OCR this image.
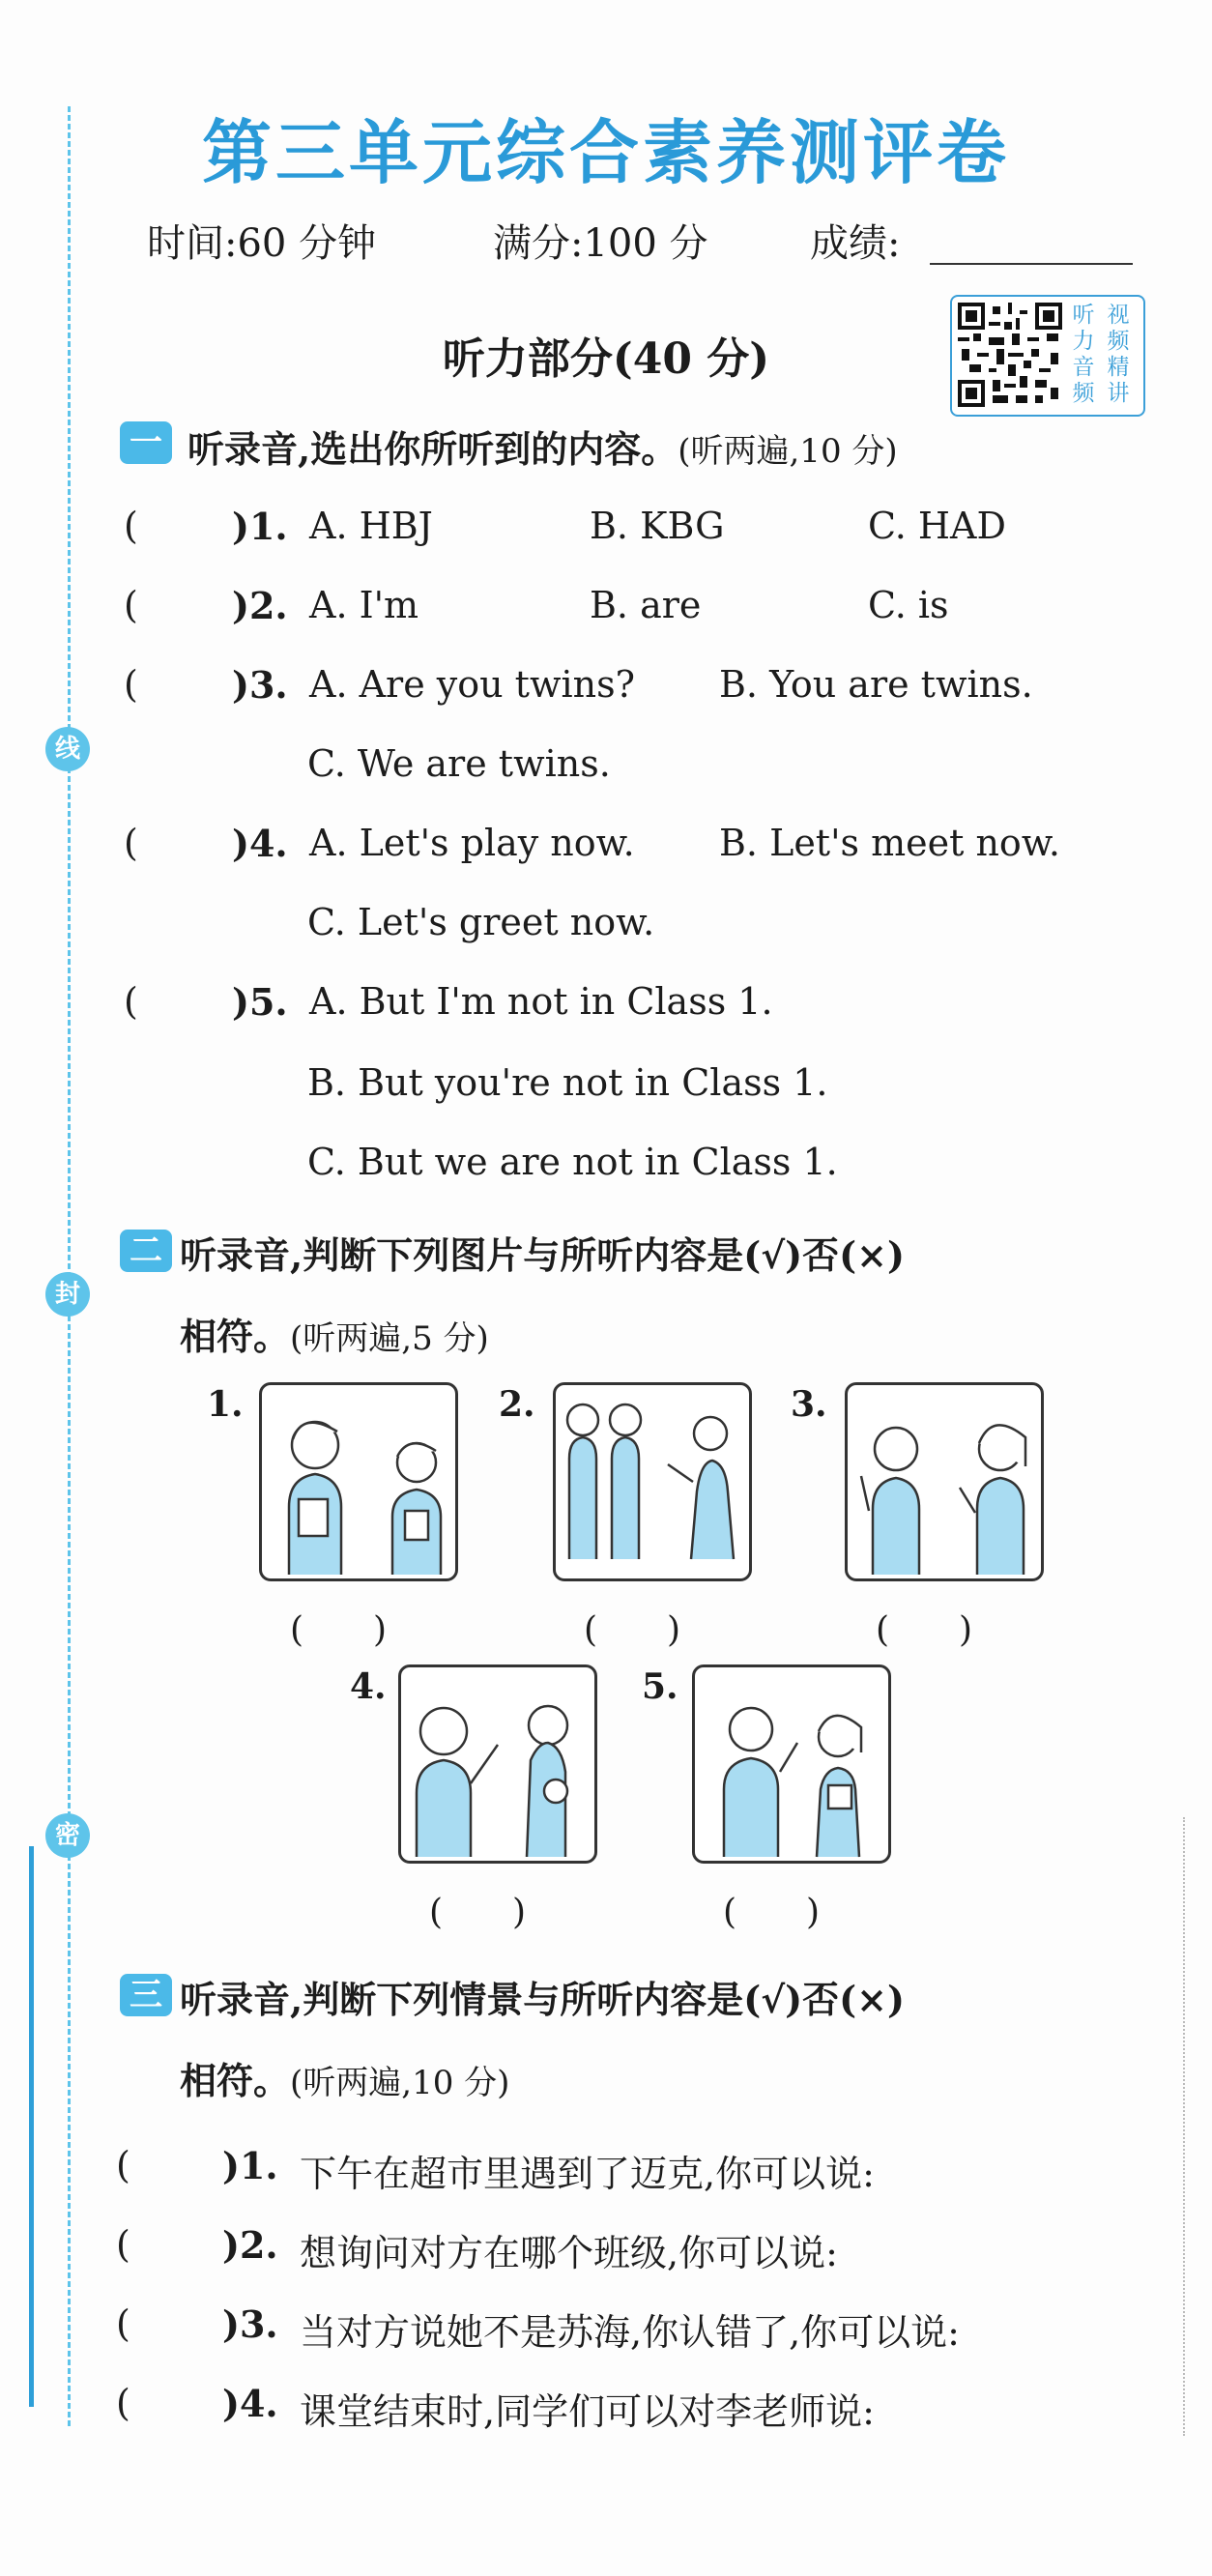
线
封
密
第三单元综合素养测评卷
时间:60 分钟	满分:100 分	成绩:
听力部分(40 分)
听
力
音
频
视
频
精
讲
一 听录音,选出你所听到的内容。(听两遍,10 分)
(	)1. A. HBJ	B. KBG	C. HAD
(	)2. A. I'm	B. are	C. is
(	)3. A. Are you twins? B. You are twins.
C. We are twins.
(	)4. A. Let's play now. B. Let's meet now.
C. Let's greet now.
(	)5. A. But I'm not in Class 1.
B. But you're not in Class 1.
C. But we are not in Class 1.
二 听录音,判断下列图片与所听内容是(√)否(×)
相符。(听两遍,5 分)
1.
(　　)
2.
(　　)
3.
(　　)
4.
(　　)
5.
(　　)
三 听录音,判断下列情景与所听内容是(√)否(×)
相符。(听两遍,10 分)
(	)1. 下午在超市里遇到了迈克,你可以说:
(	)2. 想询问对方在哪个班级,你可以说:
(	)3. 当对方说她不是苏海,你认错了,你可以说:
(	)4. 课堂结束时,同学们可以对李老师说:
